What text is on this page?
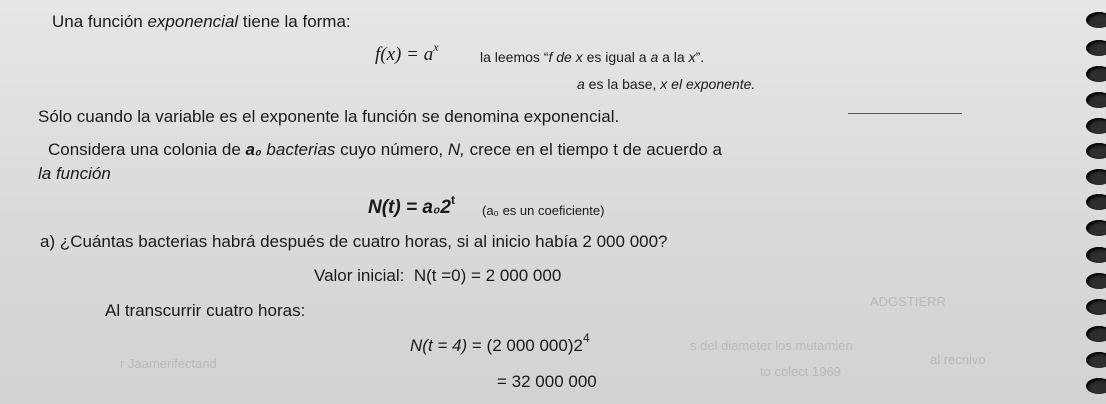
ADGSTIERR
s del diameter los mutamien
r Jaamerifectand
to colect 1969
al recnivo
Una función exponencial tiene la forma:
$f(x) = a^x$
la leemos “f de x es igual a a a la x”.
a es la base, x el exponente.
Sólo cuando la variable es el exponente la función se denomina exponencial.
Considera una colonia de a₀ bacterias cuyo número, N, crece en el tiempo t de acuerdo a
la función
$N(t) = a_02^t$
(a₀ es un coeficiente)
a) ¿Cuántas bacterias habrá después de cuatro horas, si al inicio había 2 000 000?
Valor inicial: N(t =0) = 2 000 000
Al transcurrir cuatro horas:
N(t = 4) = (2 000 $000)2^4$
= 32 000 000
